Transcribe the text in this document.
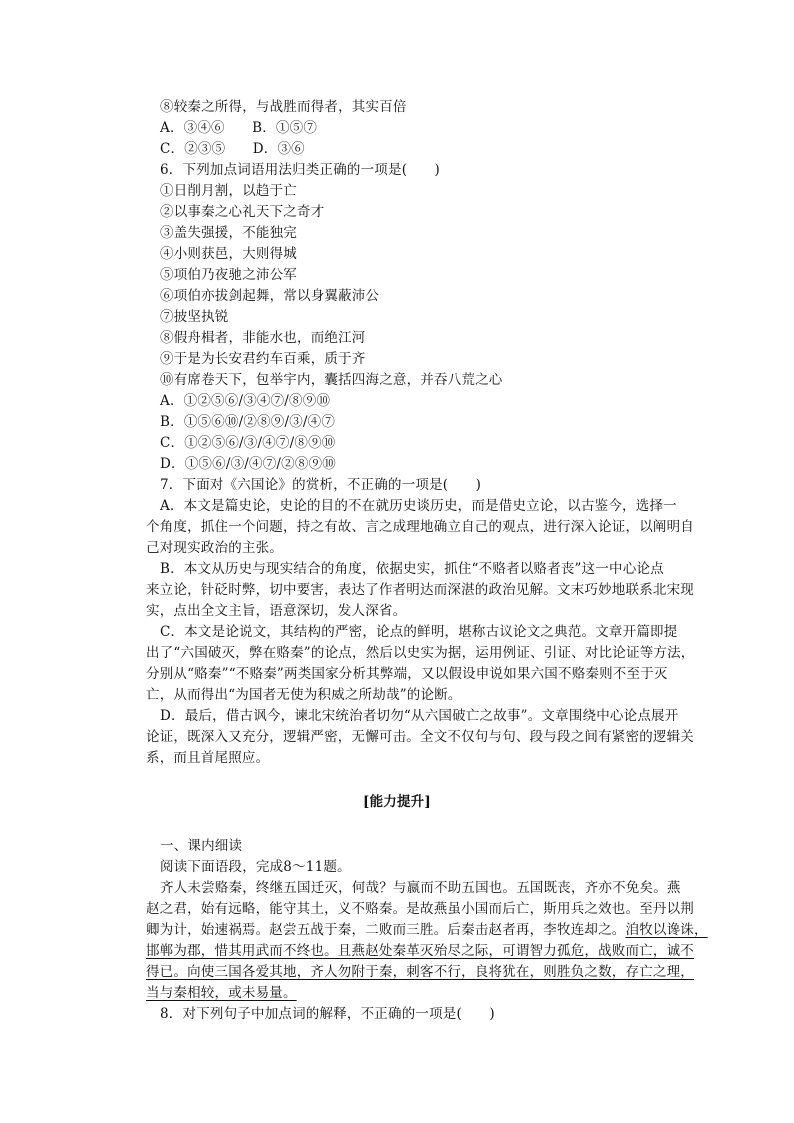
⑧较秦之所得，与战胜而得者，其实百倍
A．③④⑥　　B．①⑤⑦
C．②③⑤　　D．③⑥
6．下列加点词语用法归类正确的一项是(　　)
①日削月割，以趋于亡
②以事秦之心礼天下之奇才
③盖失强援，不能独完
④小则获邑，大则得城
⑤项伯乃夜驰之沛公军
⑥项伯亦拔剑起舞，常以身翼蔽沛公
⑦披坚执锐
⑧假舟楫者，非能水也，而绝江河
⑨于是为长安君约车百乘，质于齐
⑩有席卷天下，包举宇内，囊括四海之意，并吞八荒之心
A．①②⑤⑥/③④⑦/⑧⑨⑩
B．①⑤⑥⑩/②⑧⑨/③/④⑦
C．①②⑤⑥/③/④⑦/⑧⑨⑩
D．①⑤⑥/③/④⑦/②⑧⑨⑩
7．下面对《六国论》的赏析，不正确的一项是(　　)
A．本文是篇史论，史论的目的不在就历史谈历史，而是借史立论，以古鉴今，选择一
个角度，抓住一个问题，持之有故、言之成理地确立自己的观点，进行深入论证，以阐明自
己对现实政治的主张。
B．本文从历史与现实结合的角度，依据史实，抓住“不赂者以赂者丧”这一中心论点
来立论，针砭时弊，切中要害，表达了作者明达而深湛的政治见解。文末巧妙地联系北宋现
实，点出全文主旨，语意深切，发人深省。
C．本文是论说文，其结构的严密，论点的鲜明，堪称古议论文之典范。文章开篇即提
出了“六国破灭，弊在赂秦”的论点，然后以史实为据，运用例证、引证、对比论证等方法，
分别从“赂秦”“不赂秦”两类国家分析其弊端，又以假设申说如果六国不赂秦则不至于灭
亡，从而得出“为国者无使为积威之所劫哉”的论断。
D．最后，借古讽今，谏北宋统治者切勿“从六国破亡之故事”。文章围绕中心论点展开
论证，既深入又充分，逻辑严密，无懈可击。全文不仅句与句、段与段之间有紧密的逻辑关
系，而且首尾照应。
[能力提升]
一、课内细读
阅读下面语段，完成8～11题。
齐人未尝赂秦，终继五国迁灭，何哉？与嬴而不助五国也。五国既丧，齐亦不免矣。燕
赵之君，始有远略，能守其土，义不赂秦。是故燕虽小国而后亡，斯用兵之效也。至丹以荆
卿为计，始速祸焉。赵尝五战于秦，二败而三胜。后秦击赵者再，李牧连却之。洎牧以谗诛，
邯郸为郡，惜其用武而不终也。且燕赵处秦革灭殆尽之际，可谓智力孤危，战败而亡，诚不
得已。向使三国各爱其地，齐人勿附于秦，刺客不行，良将犹在，则胜负之数，存亡之理，
当与秦相较，或未易量。
8．对下列句子中加点词的解释，不正确的一项是(　　)
